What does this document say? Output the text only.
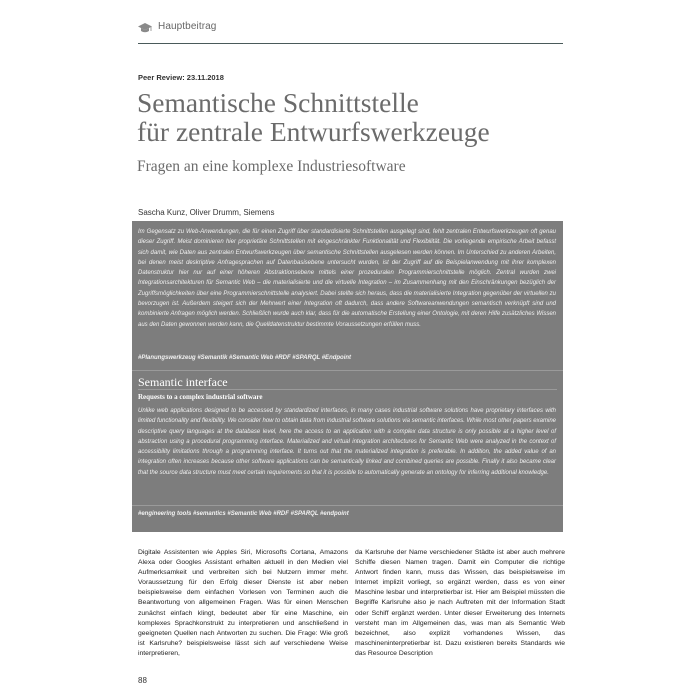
Hauptbeitrag
Peer Review: 23.11.2018
Semantische Schnittstelle
für zentrale Entwurfswerkzeuge
Fragen an eine komplexe Industriesoftware
Sascha Kunz, Oliver Drumm, Siemens

Im Gegensatz zu Web-Anwendungen, die für einen Zugriff über standardisierte Schnittstellen ausgelegt sind, fehlt zentralen Entwurfswerkzeugen oft genau dieser Zugriff. Meist dominieren hier proprietäre Schnittstellen mit eingeschränkter Funktionalität und Flexibilität. Die vorliegende empirische Arbeit befasst sich damit, wie Daten aus zentralen Entwurfswerkzeugen über semantische Schnittstellen ausgelesen werden können. Im Unterschied zu anderen Arbeiten, bei denen meist deskriptive Anfragesprachen auf Datenbasisebene untersucht wurden, ist der Zugriff auf die Beispielanwendung mit ihrer komplexen Datenstruktur hier nur auf einer höheren Abstraktionsebene mittels einer prozeduralen Programmierschnittstelle möglich. Zentral wurden zwei Integrationsarchitekturen für Semantic Web – die materialisierte und die virtuelle Integration – im Zusammenhang mit den Einschränkungen bezüglich der Zugriffsmöglichkeiten über eine Programmierschnittstelle analysiert. Dabei stellte sich heraus, dass die materialisierte Integration gegenüber der virtuellen zu bevorzugen ist. Außerdem steigert sich der Mehrwert einer Integration oft dadurch, dass andere Softwareanwendungen semantisch verknüpft sind und kombinierte Anfragen möglich werden. Schließlich wurde auch klar, dass für die automatische Erstellung einer Ontologie, mit deren Hilfe zusätzliches Wissen aus den Daten gewonnen werden kann, die Quelldatenstruktur bestimmte Voraussetzungen erfüllen muss.

#Planungswerkzeug #Semantik #Semantic Web #RDF #SPARQL #Endpoint
Semantic interface
Requests to a complex industrial software

Unlike web applications designed to be accessed by standardized interfaces, in many cases industrial software solutions have proprietary interfaces with limited functionality and flexibility. We consider how to obtain data from industrial software solutions via semantic interfaces. While most other papers examine descriptive query languages at the database level, here the access to an application with a complex data structure is only possible at a higher level of abstraction using a procedural programming interface. Materialized and virtual integration architectures for Semantic Web were analyzed in the context of accessibility limitations through a programming interface. It turns out that the materialized integration is preferable. In addition, the added value of an integration often increases because other software applications can be semantically linked and combined queries are possible. Finally it also became clear that the source data structure must meet certain requirements so that it is possible to automatically generate an ontology for inferring additional knowledge.

#engineering tools #semantics #Semantic Web #RDF #SPARQL #endpoint

Digitale Assistenten wie Apples Siri, Microsofts Cortana, Amazons Alexa oder Googles Assistant erhalten aktuell in den Medien viel Aufmerksamkeit und verbreiten sich bei Nutzern immer mehr. Voraussetzung für den Erfolg dieser Dienste ist aber neben beispielsweise dem einfachen Vorlesen von Terminen auch die Beantwortung von allgemeinen Fragen. Was für einen Menschen zunächst einfach klingt, bedeutet aber für eine Maschine, ein komplexes Sprachkonstrukt zu interpretieren und anschließend in geeigneten Quellen nach Antworten zu suchen. Die Frage: Wie groß ist Karlsruhe? beispielsweise lässt sich auf verschiedene Weise interpretieren,

da Karlsruhe der Name verschiedener Städte ist aber auch mehrere Schiffe diesen Namen tragen. Damit ein Computer die richtige Antwort finden kann, muss das Wissen, das beispielsweise im Internet implizit vorliegt, so ergänzt werden, dass es von einer Maschine lesbar und interpretierbar ist. Hier am Beispiel müssten die Begriffe Karlsruhe also je nach Auftreten mit der Information Stadt oder Schiff ergänzt werden. Unter dieser Erweiterung des Internets versteht man im Allgemeinen das, was man als Semantic Web bezeichnet, also explizit vorhandenes Wissen, das maschineninterpretierbar ist. Dazu existieren bereits Standards wie das Resource Description

88
